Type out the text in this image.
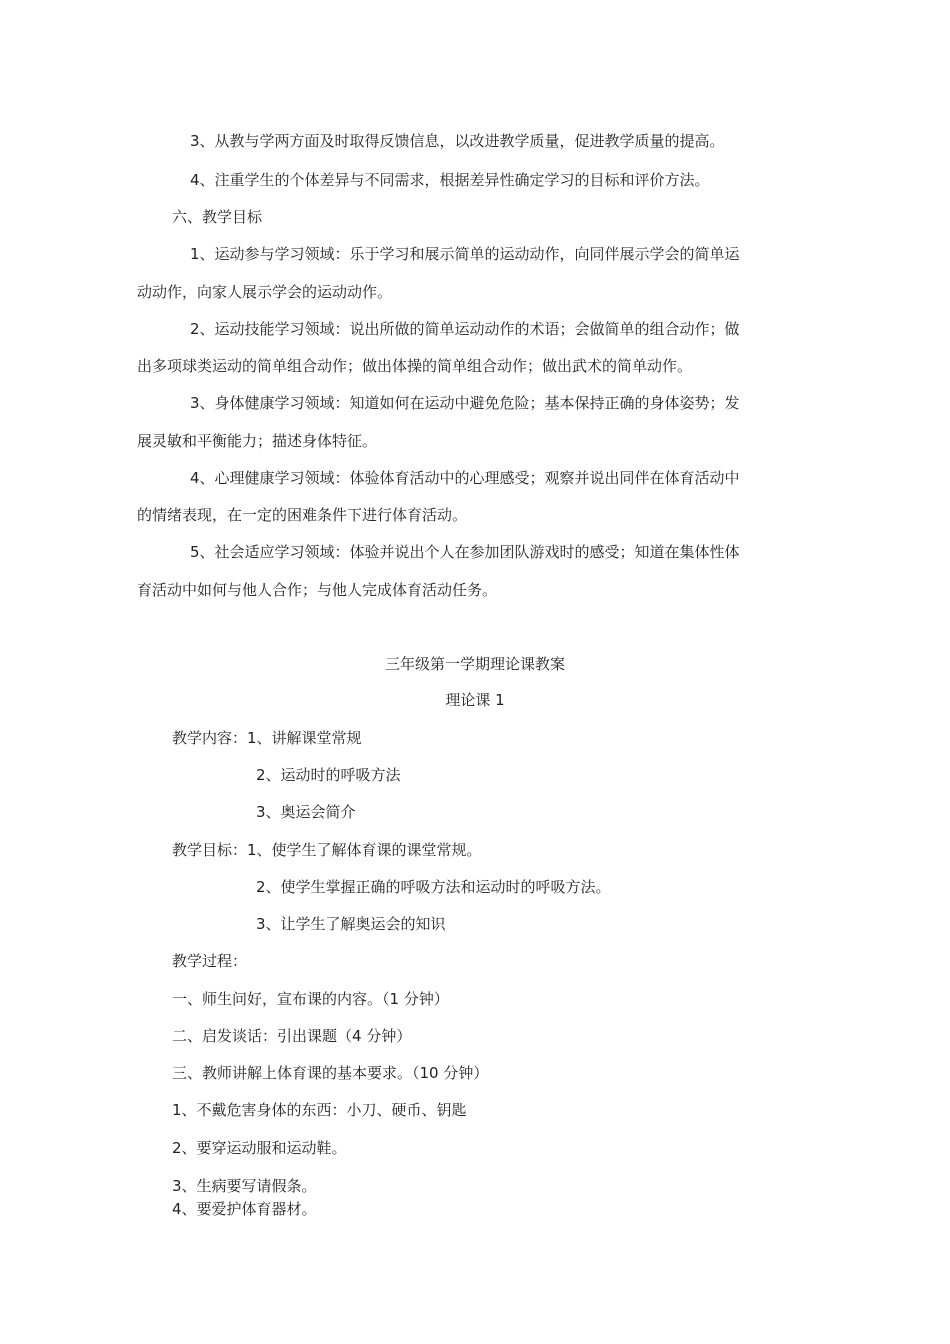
3、从教与学两方面及时取得反馈信息，以改进教学质量，促进教学质量的提高。
4、注重学生的个体差异与不同需求，根据差异性确定学习的目标和评价方法。
六、教学目标
1、运动参与学习领域：乐于学习和展示简单的运动动作，向同伴展示学会的简单运
动动作，向家人展示学会的运动动作。
2、运动技能学习领域：说出所做的简单运动动作的术语；会做简单的组合动作；做
出多项球类运动的简单组合动作；做出体操的简单组合动作；做出武术的简单动作。
3、身体健康学习领域：知道如何在运动中避免危险；基本保持正确的身体姿势；发
展灵敏和平衡能力；描述身体特征。
4、心理健康学习领域：体验体育活动中的心理感受；观察并说出同伴在体育活动中
的情绪表现，在一定的困难条件下进行体育活动。
5、社会适应学习领域：体验并说出个人在参加团队游戏时的感受；知道在集体性体
育活动中如何与他人合作；与他人完成体育活动任务。
三年级第一学期理论课教案
理论课 1
教学内容：1、讲解课堂常规
2、运动时的呼吸方法
3、奥运会简介
教学目标：1、使学生了解体育课的课堂常规。
2、使学生掌握正确的呼吸方法和运动时的呼吸方法。
3、让学生了解奥运会的知识
教学过程：
一、师生问好，宣布课的内容。（1 分钟）
二、启发谈话：引出课题（4 分钟）
三、教师讲解上体育课的基本要求。（10 分钟）
1、不戴危害身体的东西：小刀、硬币、钥匙
2、要穿运动服和运动鞋。
3、生病要写请假条。
4、要爱护体育器材。
